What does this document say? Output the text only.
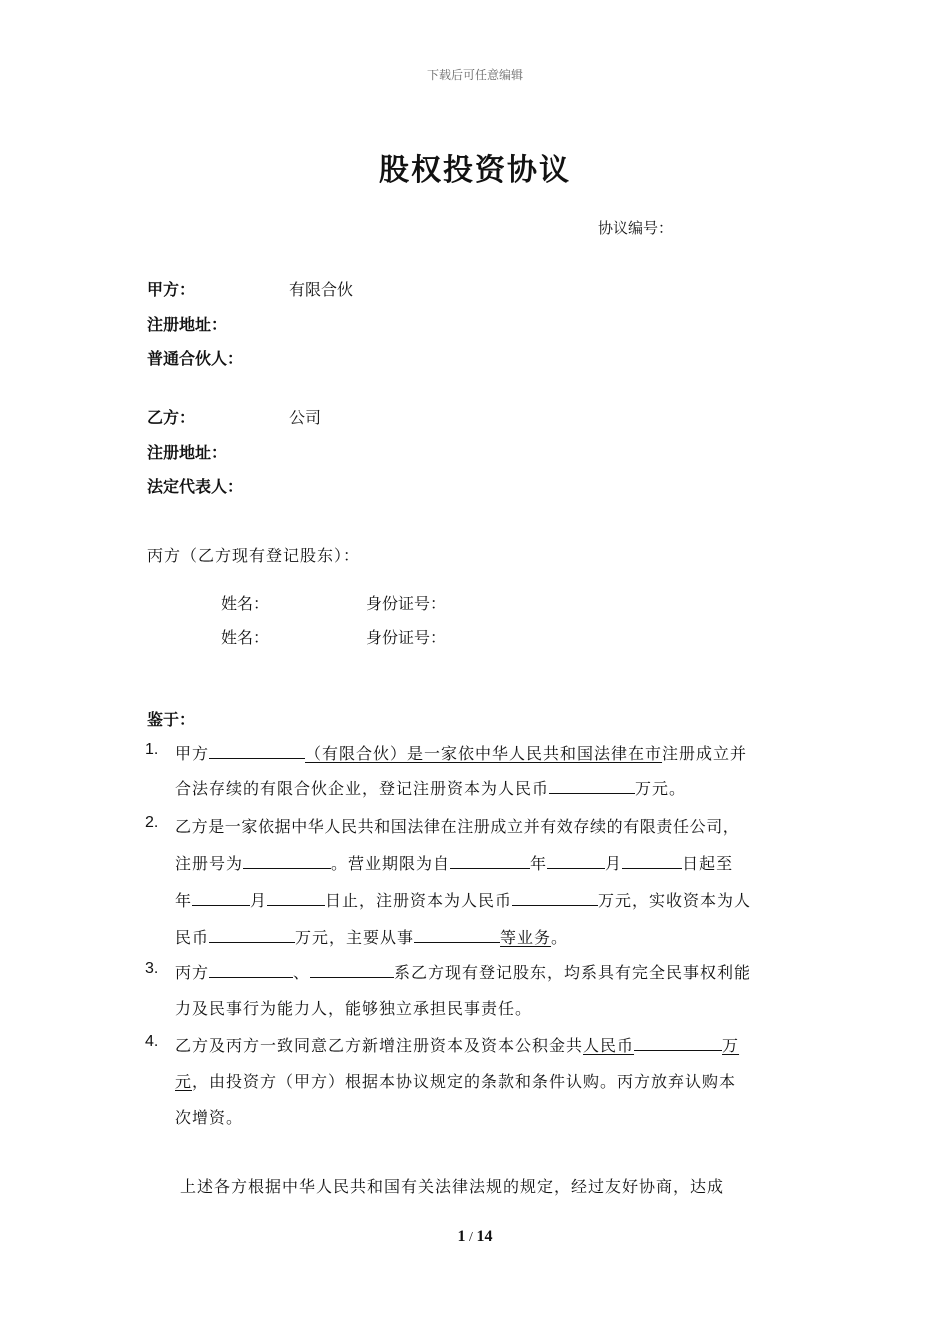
下载后可任意编辑
股权投资协议
协议编号：
甲方：	有限合伙
注册地址：
普通合伙人：
乙方：	公司
注册地址：
法定代表人：
丙方（乙方现有登记股东）：
姓名：	身份证号：
姓名：	身份证号：
鉴于：
1. 甲方	（有限合伙）是一家依中华人民共和国法律在市注册成立并
合法存续的有限合伙企业，登记注册资本为人民币	万元。
2. 乙方是一家依据中华人民共和国法律在注册成立并有效存续的有限责任公司，
注册号为	。营业期限为自	年	月	日起至
年	月	日止，注册资本为人民币	万元，实收资本为人
民币	万元，主要从事	等业务。
3. 丙方	、	系乙方现有登记股东，均系具有完全民事权利能
力及民事行为能力人，能够独立承担民事责任。
4. 乙方及丙方一致同意乙方新增注册资本及资本公积金共人民币	万
元，由投资方（甲方）根据本协议规定的条款和条件认购。丙方放弃认购本
次增资。
上述各方根据中华人民共和国有关法律法规的规定，经过友好协商，达成
1 / 14
